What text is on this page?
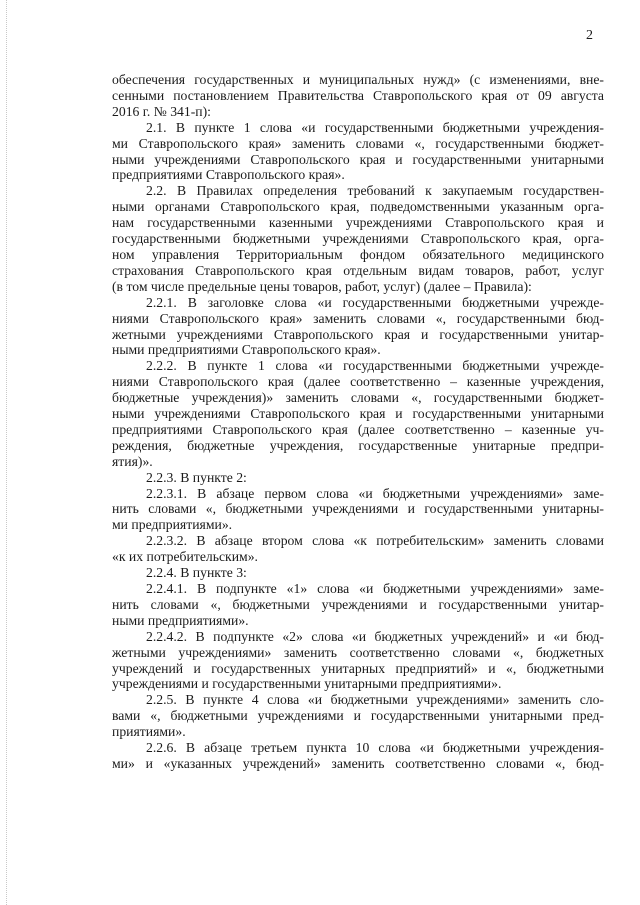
2
обеспечения государственных и муниципальных нужд» (с изменениями, вне-
сенными постановлением Правительства Ставропольского края от 09 августа
2016 г. № 341-п):
2.1. В пункте 1 слова «и государственными бюджетными учреждения-
ми Ставропольского края» заменить словами «, государственными бюджет-
ными учреждениями Ставропольского края и государственными унитарными
предприятиями Ставропольского края».
2.2. В Правилах определения требований к закупаемым государствен-
ными органами Ставропольского края, подведомственными указанным орга-
нам государственными казенными учреждениями Ставропольского края и
государственными бюджетными учреждениями Ставропольского края, орга-
ном управления Территориальным фондом обязательного медицинского
страхования Ставропольского края отдельным видам товаров, работ, услуг
(в том числе предельные цены товаров, работ, услуг) (далее – Правила):
2.2.1. В заголовке слова «и государственными бюджетными учрежде-
ниями Ставропольского края» заменить словами «, государственными бюд-
жетными учреждениями Ставропольского края и государственными унитар-
ными предприятиями Ставропольского края».
2.2.2. В пункте 1 слова «и государственными бюджетными учрежде-
ниями Ставропольского края (далее соответственно – казенные учреждения,
бюджетные учреждения)» заменить словами «, государственными бюджет-
ными учреждениями Ставропольского края и государственными унитарными
предприятиями Ставропольского края (далее соответственно – казенные уч-
реждения, бюджетные учреждения, государственные унитарные предпри-
ятия)».
2.2.3. В пункте 2:
2.2.3.1. В абзаце первом слова «и бюджетными учреждениями» заме-
нить словами «, бюджетными учреждениями и государственными унитарны-
ми предприятиями».
2.2.3.2. В абзаце втором слова «к потребительским» заменить словами
«к их потребительским».
2.2.4. В пункте 3:
2.2.4.1. В подпункте «1» слова «и бюджетными учреждениями» заме-
нить словами «, бюджетными учреждениями и государственными унитар-
ными предприятиями».
2.2.4.2. В подпункте «2» слова «и бюджетных учреждений» и «и бюд-
жетными учреждениями» заменить соответственно словами «, бюджетных
учреждений и государственных унитарных предприятий» и «, бюджетными
учреждениями и государственными унитарными предприятиями».
2.2.5. В пункте 4 слова «и бюджетными учреждениями» заменить сло-
вами «, бюджетными учреждениями и государственными унитарными пред-
приятиями».
2.2.6. В абзаце третьем пункта 10 слова «и бюджетными учреждения-
ми» и «указанных учреждений» заменить соответственно словами «, бюд-
